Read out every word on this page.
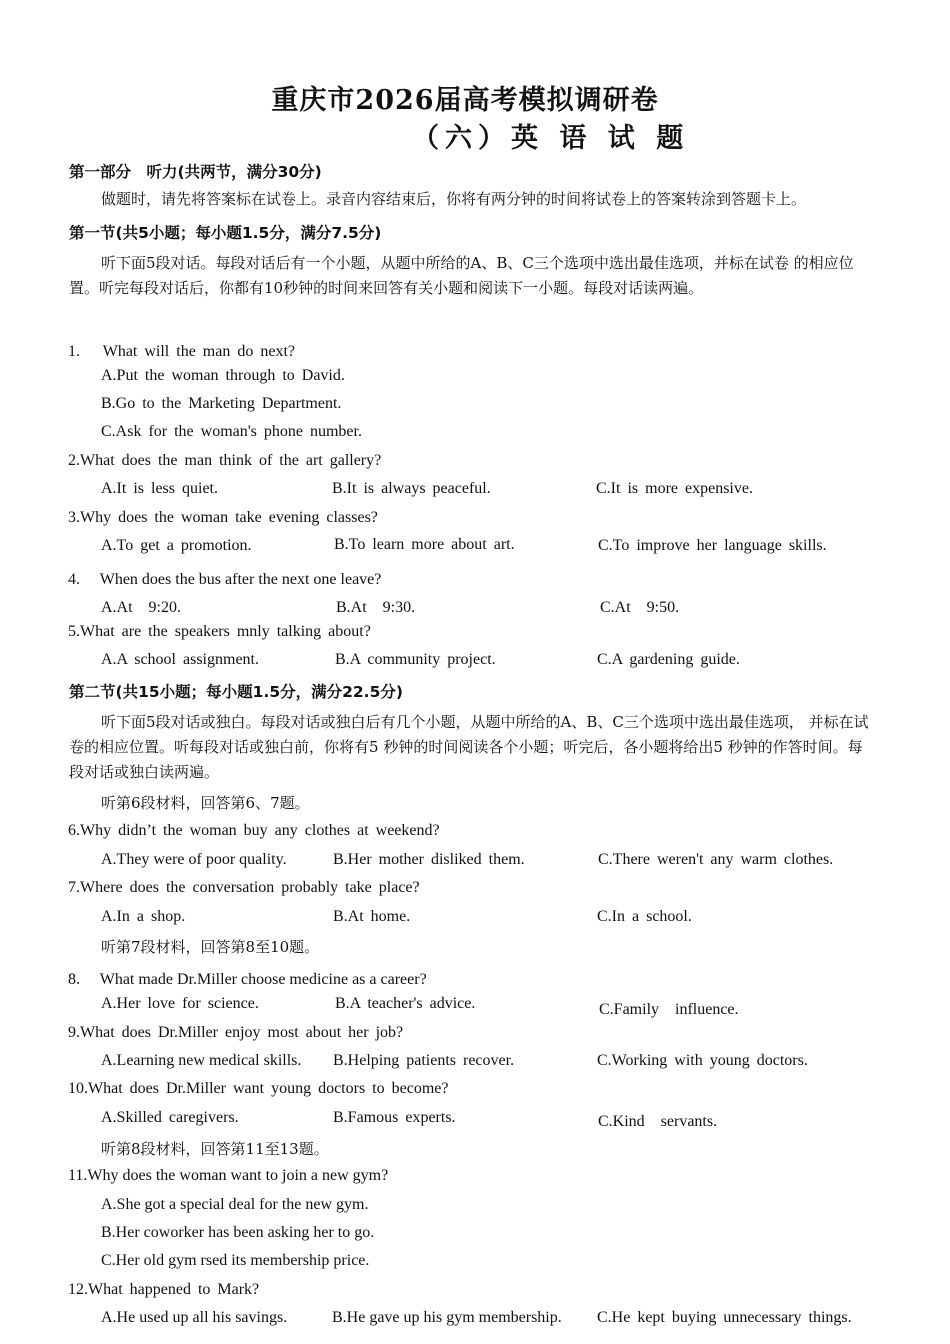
重庆市2026届高考模拟调研卷
（六）英 语 试 题
第一部分　听力(共两节，满分30分)
做题时，请先将答案标在试卷上。录音内容结束后，你将有两分钟的时间将试卷上的答案转涂到答题卡上。
第一节(共5小题；每小题1.5分，满分7.5分)
听下面5段对话。每段对话后有一个小题，从题中所给的A、B、C三个选项中选出最佳选项，并标在试卷 的相应位置。听完每段对话后，你都有10秒钟的时间来回答有关小题和阅读下一小题。每段对话读两遍。
1.　 What will the man do next?
A.Put the woman through to David.
B.Go to the Marketing Department.
C.Ask for the woman's phone number.
2.What does the man think of the art gallery?
A.It is less quiet.	B.It is always peaceful.	C.It is more expensive.
3.Why does the woman take evening classes?
A.To get a promotion.	B.To learn more about art.	C.To improve her language skills.
4.　 When does the bus after the next one leave?
A.At　9:20.	B.At　9:30.	C.At　9:50.
5.What are the speakers mnly talking about?
A.A school assignment.	B.A community project.	C.A gardening guide.
第二节(共15小题；每小题1.5分，满分22.5分)
听下面5段对话或独白。每段对话或独白后有几个小题，从题中所给的A、B、C三个选项中选出最佳选项， 并标在试卷的相应位置。听每段对话或独白前，你将有5 秒钟的时间阅读各个小题；听完后，各小题将给出5 秒钟的作答时间。每段对话或独白读两遍。
听第6段材料，回答第6、7题。
6.Why didn’t the woman buy any clothes at weekend?
A.They were of poor quality.	B.Her mother disliked them.	C.There weren't any warm clothes.
7.Where does the conversation probably take place?
A.In a shop.	B.At home.	C.In a school.
听第7段材料，回答第8至10题。
8.　 What made Dr.Miller choose medicine as a career?
A.Her love for science.	B.A teacher's advice.	C.Family　influence.
9.What does Dr.Miller enjoy most about her job?
A.Learning new medical skills. B.Helping patients recover.	C.Working with young doctors.
10.What does Dr.Miller want young doctors to become?
A.Skilled caregivers.	B.Famous experts.	C.Kind　servants.
听第8段材料，回答第11至13题。
11.Why does the woman want to join a new gym?
A.She got a special deal for the new gym.
B.Her coworker has been asking her to go.
C.Her old gym rsed its membership price.
12.What happened to Mark?
A.He used up all his savings.	B.He gave up his gym membership. C.He kept buying unnecessary things.
